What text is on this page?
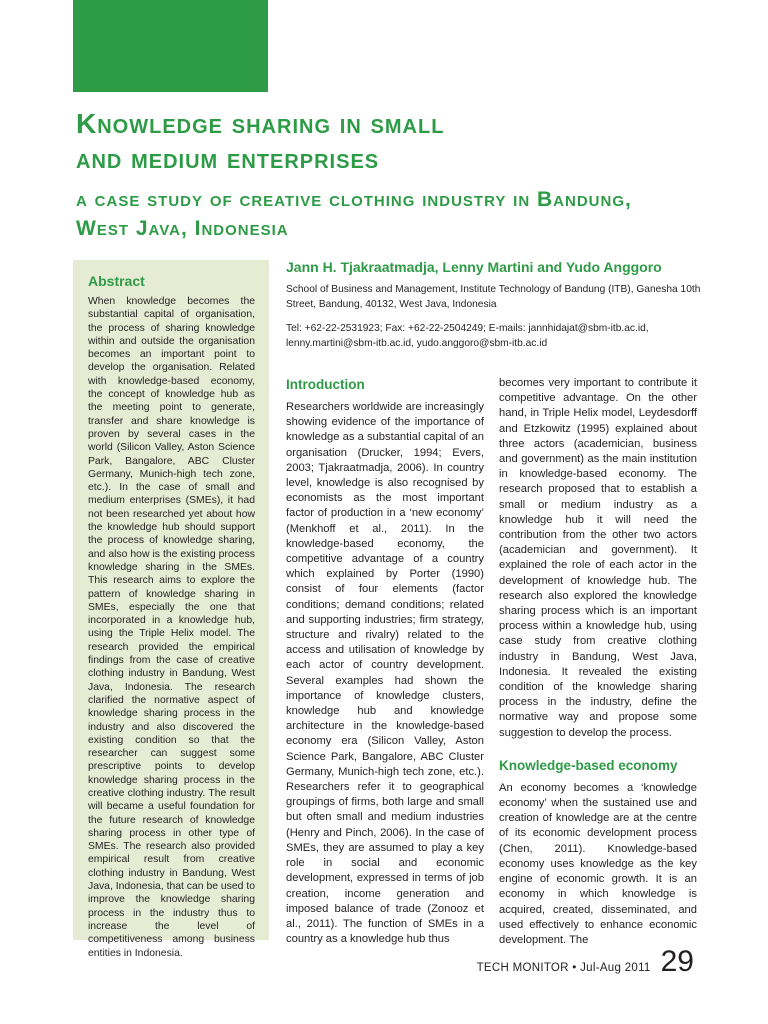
Knowledge sharing in small
and medium enterprises
a case study of creative clothing industry in Bandung,
West Java, Indonesia
Abstract

When knowledge becomes the substantial capital of organisation, the process of sharing knowledge within and outside the organisation becomes an important point to develop the organisation. Related with knowledge-based economy, the concept of knowledge hub as the meeting point to generate, transfer and share knowledge is proven by several cases in the world (Silicon Valley, Aston Science Park, Bangalore, ABC Cluster Germany, Munich-high tech zone, etc.). In the case of small and medium enterprises (SMEs), it had not been researched yet about how the knowledge hub should support the process of knowledge sharing, and also how is the existing process knowledge sharing in the SMEs. This research aims to explore the pattern of knowledge sharing in SMEs, especially the one that incorporated in a knowledge hub, using the Triple Helix model. The research provided the empirical findings from the case of creative clothing industry in Bandung, West Java, Indonesia. The research clarified the normative aspect of knowledge sharing process in the industry and also discovered the existing condition so that the researcher can suggest some prescriptive points to develop knowledge sharing process in the creative clothing industry. The result will became a useful foundation for the future research of knowledge sharing process in other type of SMEs. The research also provided empirical result from creative clothing industry in Bandung, West Java, Indonesia, that can be used to improve the knowledge sharing process in the industry thus to increase the level of competitiveness among business entities in Indonesia.

Jann H. Tjakraatmadja, Lenny Martini and Yudo Anggoro

School of Business and Management, Institute Technology of Bandung (ITB), Ganesha 10th Street, Bandung, 40132, West Java, Indonesia

Tel: +62-22-2531923; Fax: +62-22-2504249; E-mails: jannhidajat@sbm-itb.ac.id, lenny.martini@sbm-itb.ac.id, yudo.anggoro@sbm-itb.ac.id

Introduction

Researchers worldwide are increasingly showing evidence of the importance of knowledge as a substantial capital of an organisation (Drucker, 1994; Evers, 2003; Tjakraatmadja, 2006). In country level, knowledge is also recognised by economists as the most important factor of production in a ‘new economy’ (Menkhoff et al., 2011). In the knowledge-based economy, the competitive advantage of a country which explained by Porter (1990) consist of four elements (factor conditions; demand conditions; related and supporting industries; firm strategy, structure and rivalry) related to the access and utilisation of knowledge by each actor of country development. Several examples had shown the importance of knowledge clusters, knowledge hub and knowledge architecture in the knowledge-based economy era (Silicon Valley, Aston Science Park, Bangalore, ABC Cluster Germany, Munich-high tech zone, etc.). Researchers refer it to geographical groupings of firms, both large and small but often small and medium industries (Henry and Pinch, 2006). In the case of SMEs, they are assumed to play a key role in social and economic development, expressed in terms of job creation, income generation and imposed balance of trade (Zonooz et al., 2011). The function of SMEs in a country as a knowledge hub thus

becomes very important to contribute it competitive advantage. On the other hand, in Triple Helix model, Leydesdorff and Etzkowitz (1995) explained about three actors (academician, business and government) as the main institution in knowledge-based economy. The research proposed that to establish a small or medium industry as a knowledge hub it will need the contribution from the other two actors (academician and government). It explained the role of each actor in the development of knowledge hub. The research also explored the knowledge sharing process which is an important process within a knowledge hub, using case study from creative clothing industry in Bandung, West Java, Indonesia. It revealed the existing condition of the knowledge sharing process in the industry, define the normative way and propose some suggestion to develop the process.

Knowledge-based economy

An economy becomes a ‘knowledge economy’ when the sustained use and creation of knowledge are at the centre of its economic development process (Chen, 2011). Knowledge-based economy uses knowledge as the key engine of economic growth. It is an economy in which knowledge is acquired, created, disseminated, and used effectively to enhance economic development. The

TECH MONITOR • Jul-Aug 2011 29
